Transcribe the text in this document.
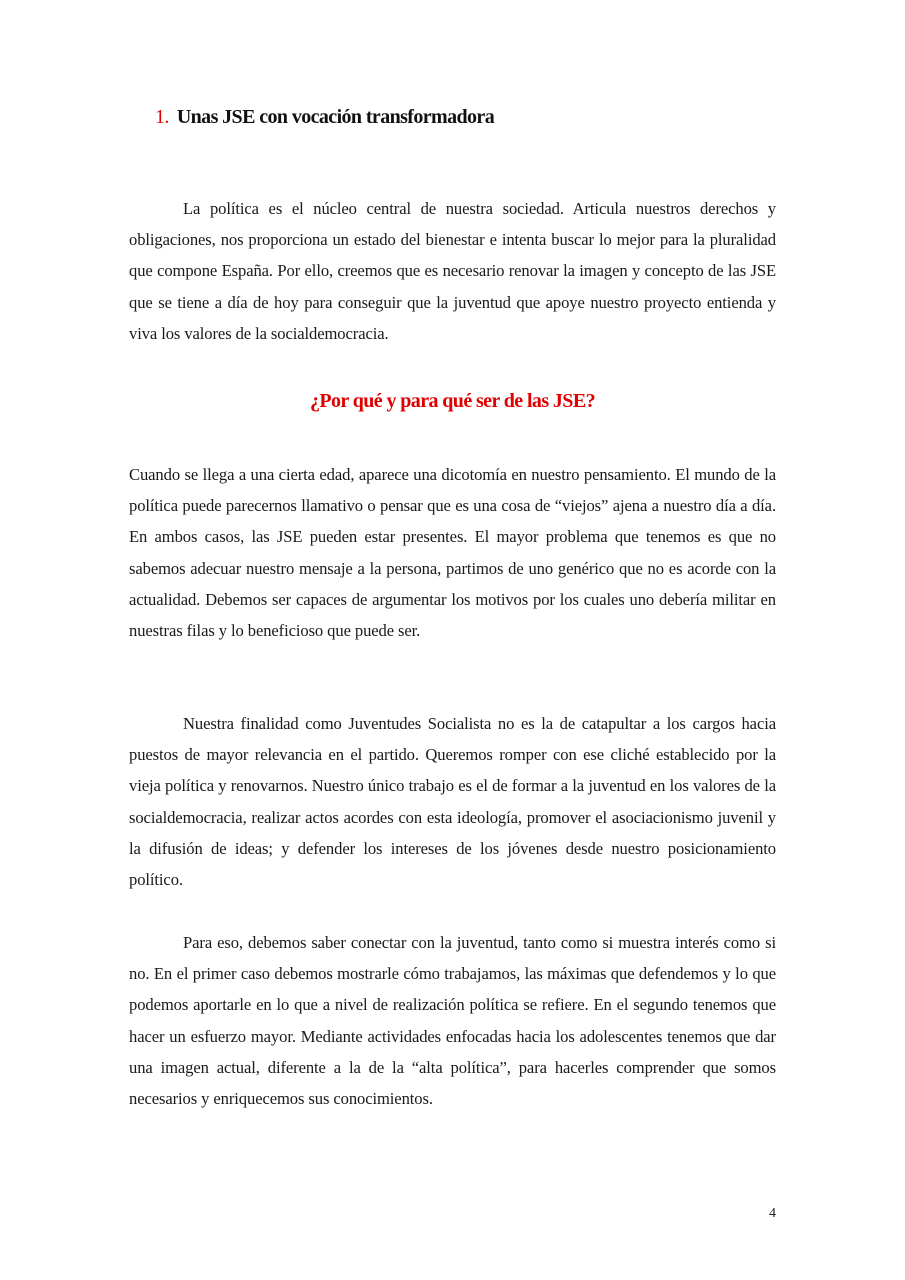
1. Unas JSE con vocación transformadora

La política es el núcleo central de nuestra sociedad. Articula nuestros derechos y obligaciones, nos proporciona un estado del bienestar e intenta buscar lo mejor para la pluralidad que compone España. Por ello, creemos que es necesario renovar la imagen y concepto de las JSE que se tiene a día de hoy para conseguir que la juventud que apoye nuestro proyecto entienda y viva los valores de la socialdemocracia.

¿Por qué y para qué ser de las JSE?

Cuando se llega a una cierta edad, aparece una dicotomía en nuestro pensamiento. El mundo de la política puede parecernos llamativo o pensar que es una cosa de “viejos” ajena a nuestro día a día. En ambos casos, las JSE pueden estar presentes. El mayor problema que tenemos es que no sabemos adecuar nuestro mensaje a la persona, partimos de uno genérico que no es acorde con la actualidad. Debemos ser capaces de argumentar los motivos por los cuales uno debería militar en nuestras filas y lo beneficioso que puede ser.

Nuestra finalidad como Juventudes Socialista no es la de catapultar a los cargos hacia puestos de mayor relevancia en el partido. Queremos romper con ese cliché establecido por la vieja política y renovarnos. Nuestro único trabajo es el de formar a la juventud en los valores de la socialdemocracia, realizar actos acordes con esta ideología, promover el asociacionismo juvenil y la difusión de ideas; y defender los intereses de los jóvenes desde nuestro posicionamiento político.

Para eso, debemos saber conectar con la juventud, tanto como si muestra interés como si no. En el primer caso debemos mostrarle cómo trabajamos, las máximas que defendemos y lo que podemos aportarle en lo que a nivel de realización política se refiere. En el segundo tenemos que hacer un esfuerzo mayor. Mediante actividades enfocadas hacia los adolescentes tenemos que dar una imagen actual, diferente a la de la “alta política”, para hacerles comprender que somos necesarios y enriquecemos sus conocimientos.

4
